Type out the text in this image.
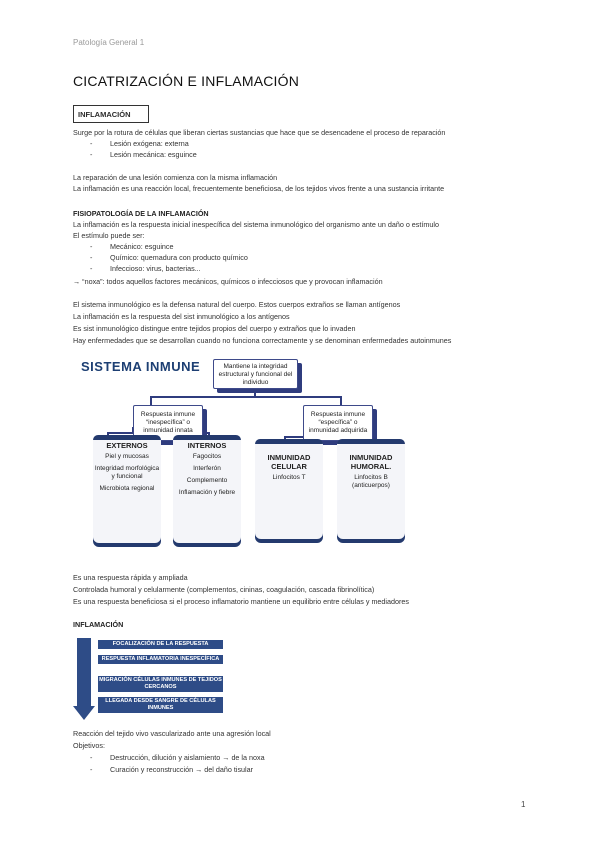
Patología General 1
CICATRIZACIÓN E INFLAMACIÓN
INFLAMACIÓN
Surge por la rotura de células que liberan ciertas sustancias que hace que se desencadene el proceso de reparación
- Lesión exógena: externa
- Lesión mecánica: esguince
La reparación de una lesión comienza con la misma inflamación
La inflamación es una reacción local, frecuentemente beneficiosa, de los tejidos vivos frente a una sustancia irritante
FISIOPATOLOGÍA DE LA INFLAMACIÓN
La inflamación es la respuesta inicial inespecífica del sistema inmunológico del organismo ante un daño o estímulo
El estímulo puede ser:
- Mecánico: esguince
- Químico: quemadura con producto químico
- Infeccioso: virus, bacterias...
→ “noxa”: todos aquellos factores mecánicos, químicos o infecciosos que y provocan inflamación
El sistema inmunológico es la defensa natural del cuerpo. Estos cuerpos extraños se llaman antígenos
La inflamación es la respuesta del sist inmunológico a los antígenos
Es sist inmunológico distingue entre tejidos propios del cuerpo y extraños que lo invaden
Hay enfermedades que se desarrollan cuando no funciona correctamente y se denominan enfermedades autoinmunes
SISTEMA INMUNE	Mantiene la integridad estructural y funcional del individuo
Respuesta inmune “inespecífica” o inmunidad innata
Respuesta inmune “específica” o inmunidad adquirida
EXTERNOS
Piel y mucosas
Integridad morfológica y funcional
Microbiota regional
INTERNOS
Fagocitos
Interferón
Complemento
Inflamación y fiebre
INMUNIDAD CELULAR
Linfocitos T
INMUNIDAD HUMORAL.
Linfocitos B (anticuerpos)
Es una respuesta rápida y ampliada
Controlada humoral y celularmente (complementos, cininas, coagulación, cascada fibrinolítica)
Es una respuesta beneficiosa si el proceso inflamatorio mantiene un equilibrio entre células y mediadores
INFLAMACIÓN
FOCALIZACIÓN DE LA RESPUESTA
RESPUESTA INFLAMATORIA INESPECÍFICA
MIGRACIÓN CÉLULAS INMUNES DE TEJIDOS CERCANOS
LLEGADA DESDE SANGRE DE CÉLULAS INMUNES
Reacción del tejido vivo vascularizado ante una agresión local
Objetivos:
- Destrucción, dilución y aislamiento → de la noxa
- Curación y reconstrucción → del daño tisular
1
